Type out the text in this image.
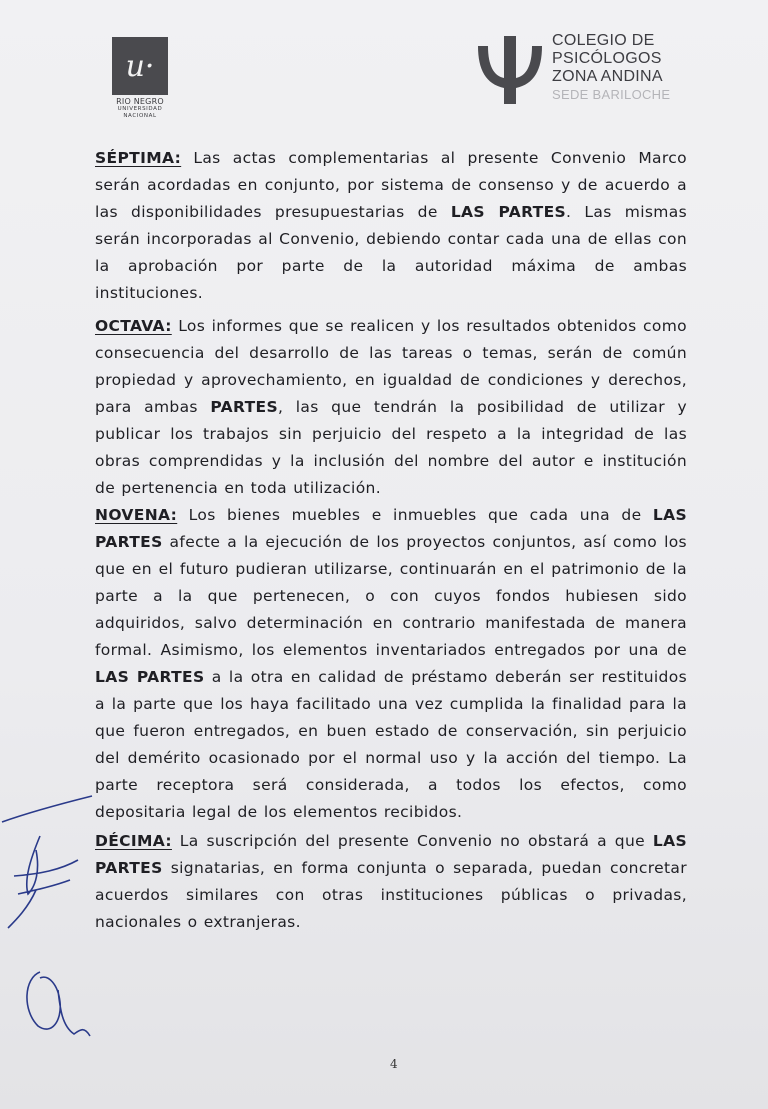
u·
RIO NEGRO
UNIVERSIDAD
NACIONAL
COLEGIO DE
PSICÓLOGOS
ZONA ANDINA
SEDE BARILOCHE

SÉPTIMA: Las actas complementarias al presente Convenio Marco serán acordadas en conjunto, por sistema de consenso y de acuerdo a las disponibilidades presupuestarias de LAS PARTES. Las mismas serán incorporadas al Convenio, debiendo contar cada una de ellas con la aprobación por parte de la autoridad máxima de ambas instituciones.

OCTAVA: Los informes que se realicen y los resultados obtenidos como consecuencia del desarrollo de las tareas o temas, serán de común propiedad y aprovechamiento, en igualdad de condiciones y derechos, para ambas PARTES, las que tendrán la posibilidad de utilizar y publicar los trabajos sin perjuicio del respeto a la integridad de las obras comprendidas y la inclusión del nombre del autor e institución de pertenencia en toda utilización.

NOVENA: Los bienes muebles e inmuebles que cada una de LAS PARTES afecte a la ejecución de los proyectos conjuntos, así como los que en el futuro pudieran utilizarse, continuarán en el patrimonio de la parte a la que pertenecen, o con cuyos fondos hubiesen sido adquiridos, salvo determinación en contrario manifestada de manera formal. Asimismo, los elementos inventariados entregados por una de LAS PARTES a la otra en calidad de préstamo deberán ser restituidos a la parte que los haya facilitado una vez cumplida la finalidad para la que fueron entregados, en buen estado de conservación, sin perjuicio del demérito ocasionado por el normal uso y la acción del tiempo. La parte receptora será considerada, a todos los efectos, como depositaria legal de los elementos recibidos.

DÉCIMA: La suscripción del presente Convenio no obstará a que LAS PARTES signatarias, en forma conjunta o separada, puedan concretar acuerdos similares con otras instituciones públicas o privadas, nacionales o extranjeras.

4
